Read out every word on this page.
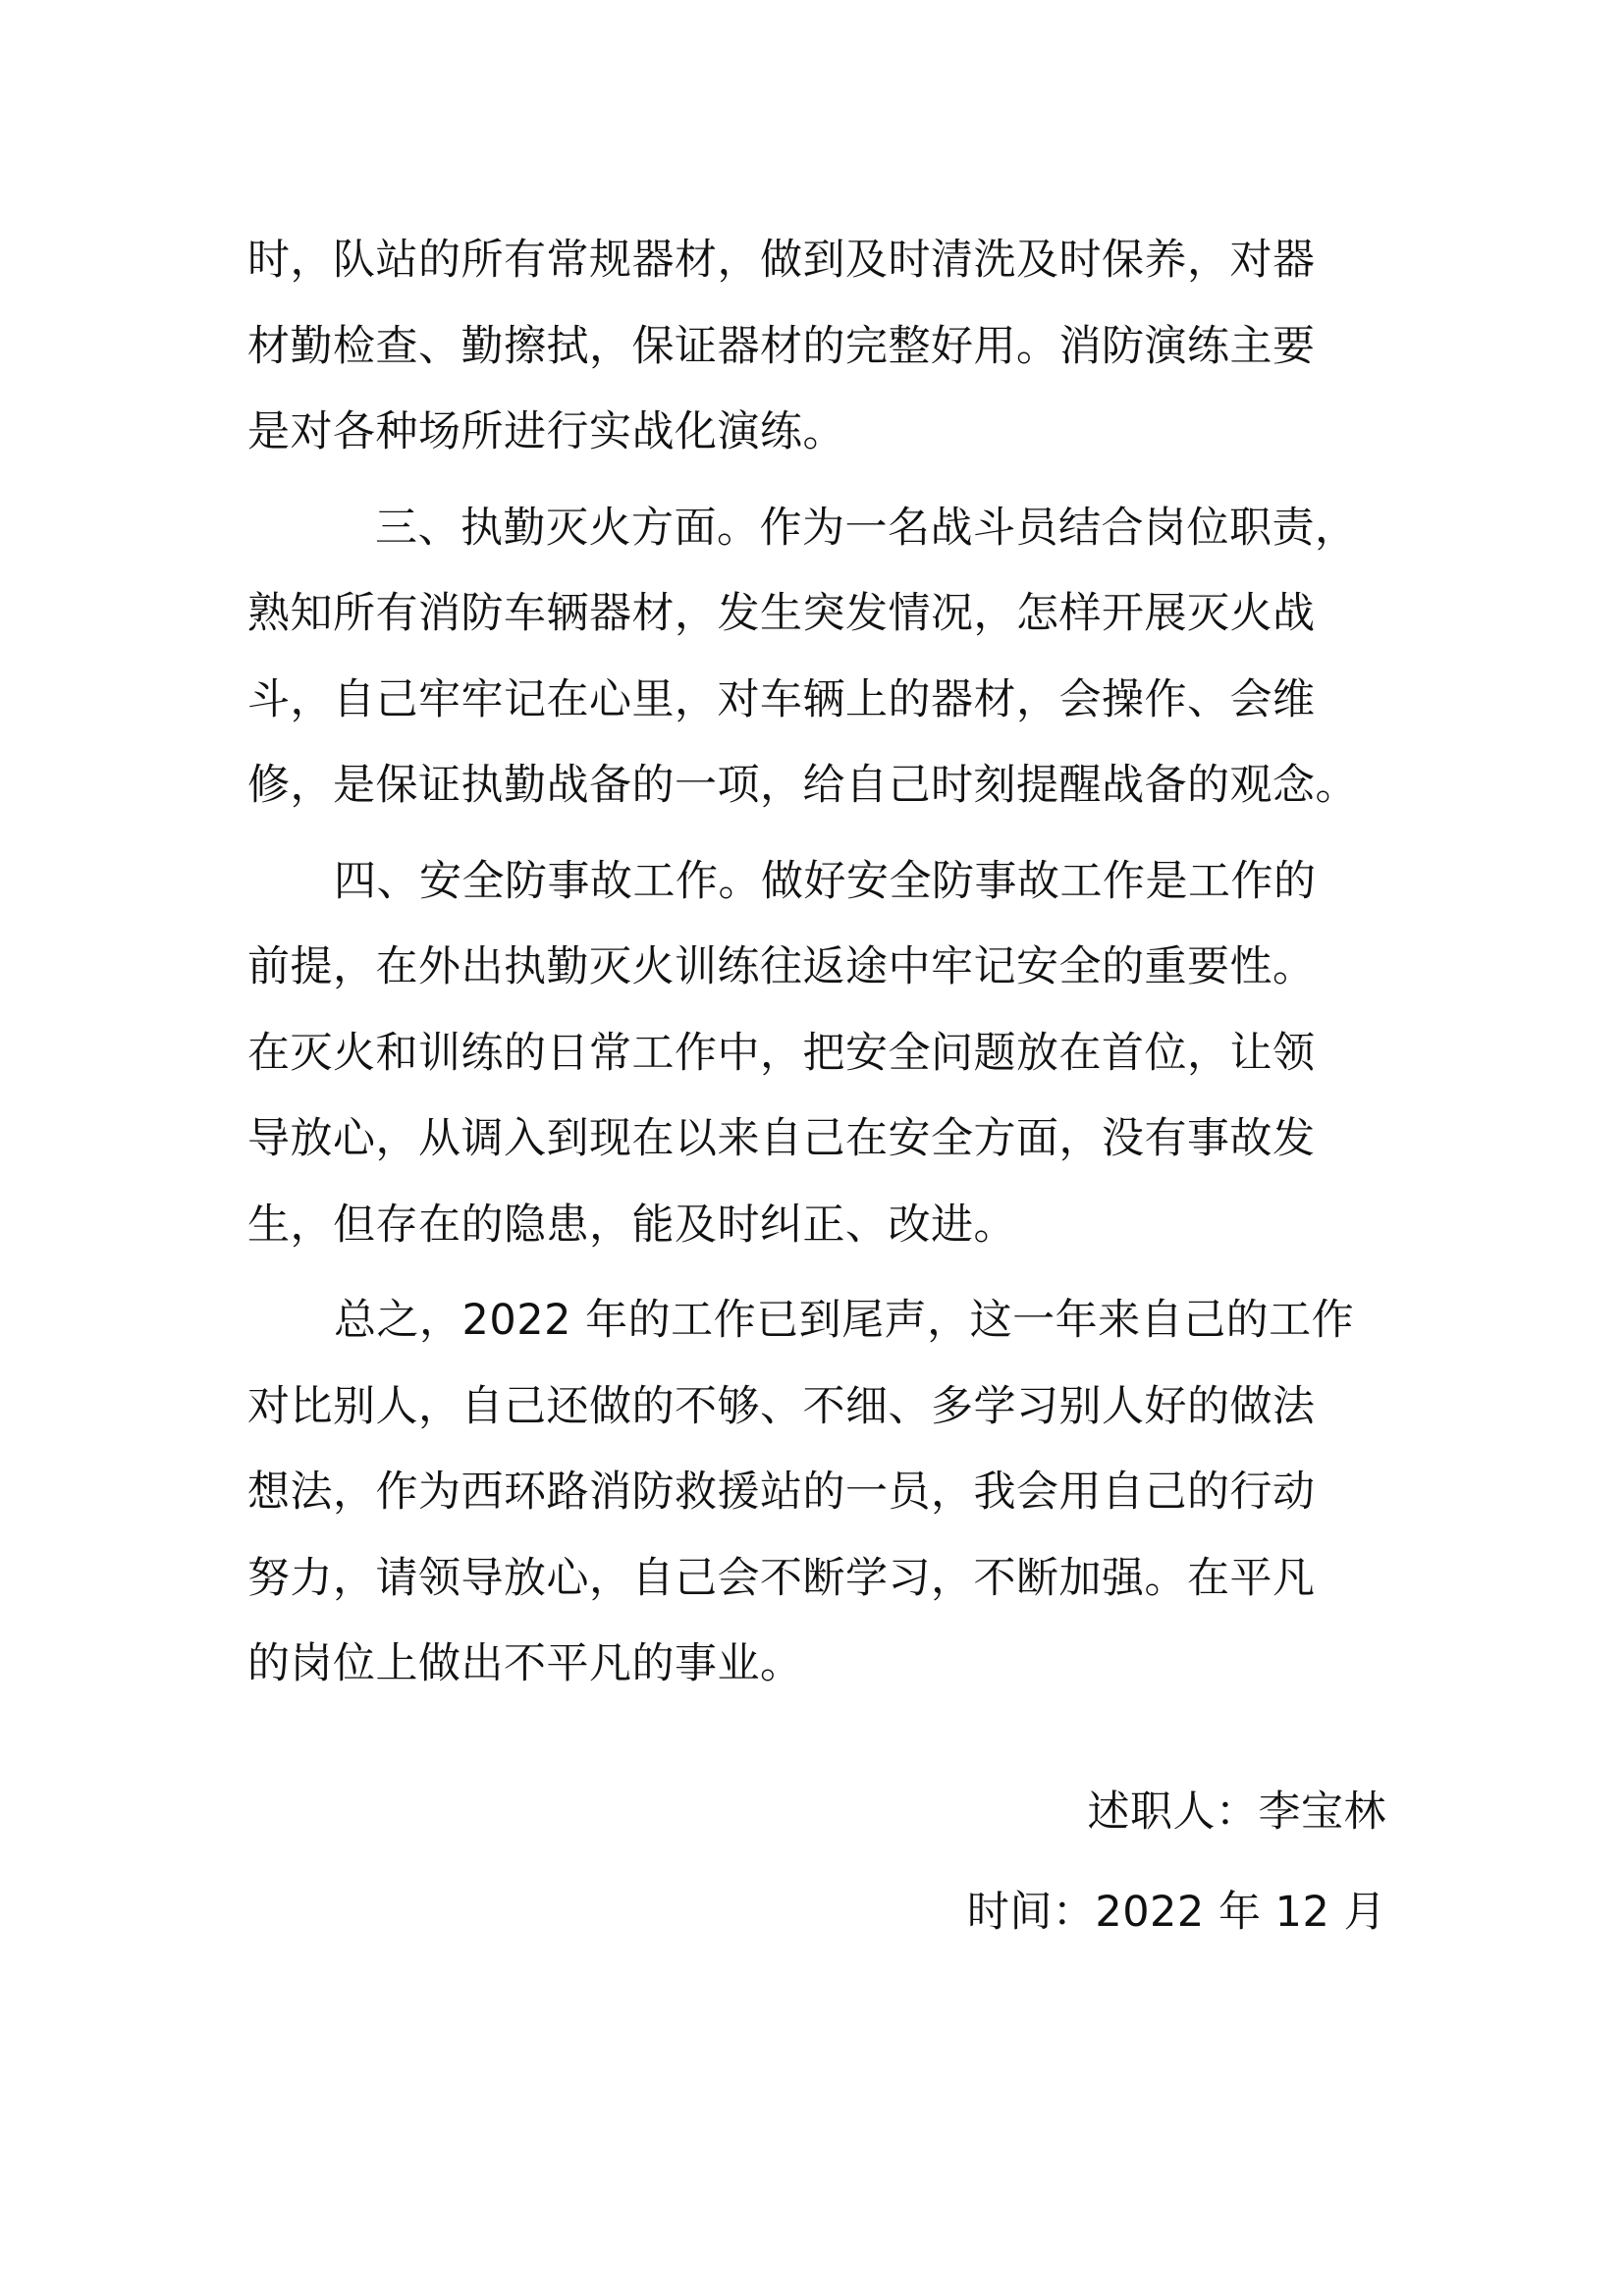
时，队站的所有常规器材，做到及时清洗及时保养，对器
材勤检查、勤擦拭，保证器材的完整好用。消防演练主要
是对各种场所进行实战化演练。
三、执勤灭火方面。作为一名战斗员结合岗位职责，
熟知所有消防车辆器材，发生突发情况，怎样开展灭火战
斗，自己牢牢记在心里，对车辆上的器材，会操作、会维
修，是保证执勤战备的一项，给自己时刻提醒战备的观念。
四、安全防事故工作。做好安全防事故工作是工作的
前提，在外出执勤灭火训练往返途中牢记安全的重要性。
在灭火和训练的日常工作中，把安全问题放在首位，让领
导放心，从调入到现在以来自己在安全方面，没有事故发
生，但存在的隐患，能及时纠正、改进。
总之，2022 年的工作已到尾声，这一年来自己的工作
对比别人，自己还做的不够、不细、多学习别人好的做法
想法，作为西环路消防救援站的一员，我会用自己的行动
努力，请领导放心，自己会不断学习，不断加强。在平凡
的岗位上做出不平凡的事业。
述职人：李宝林
时间：2022 年 12 月
